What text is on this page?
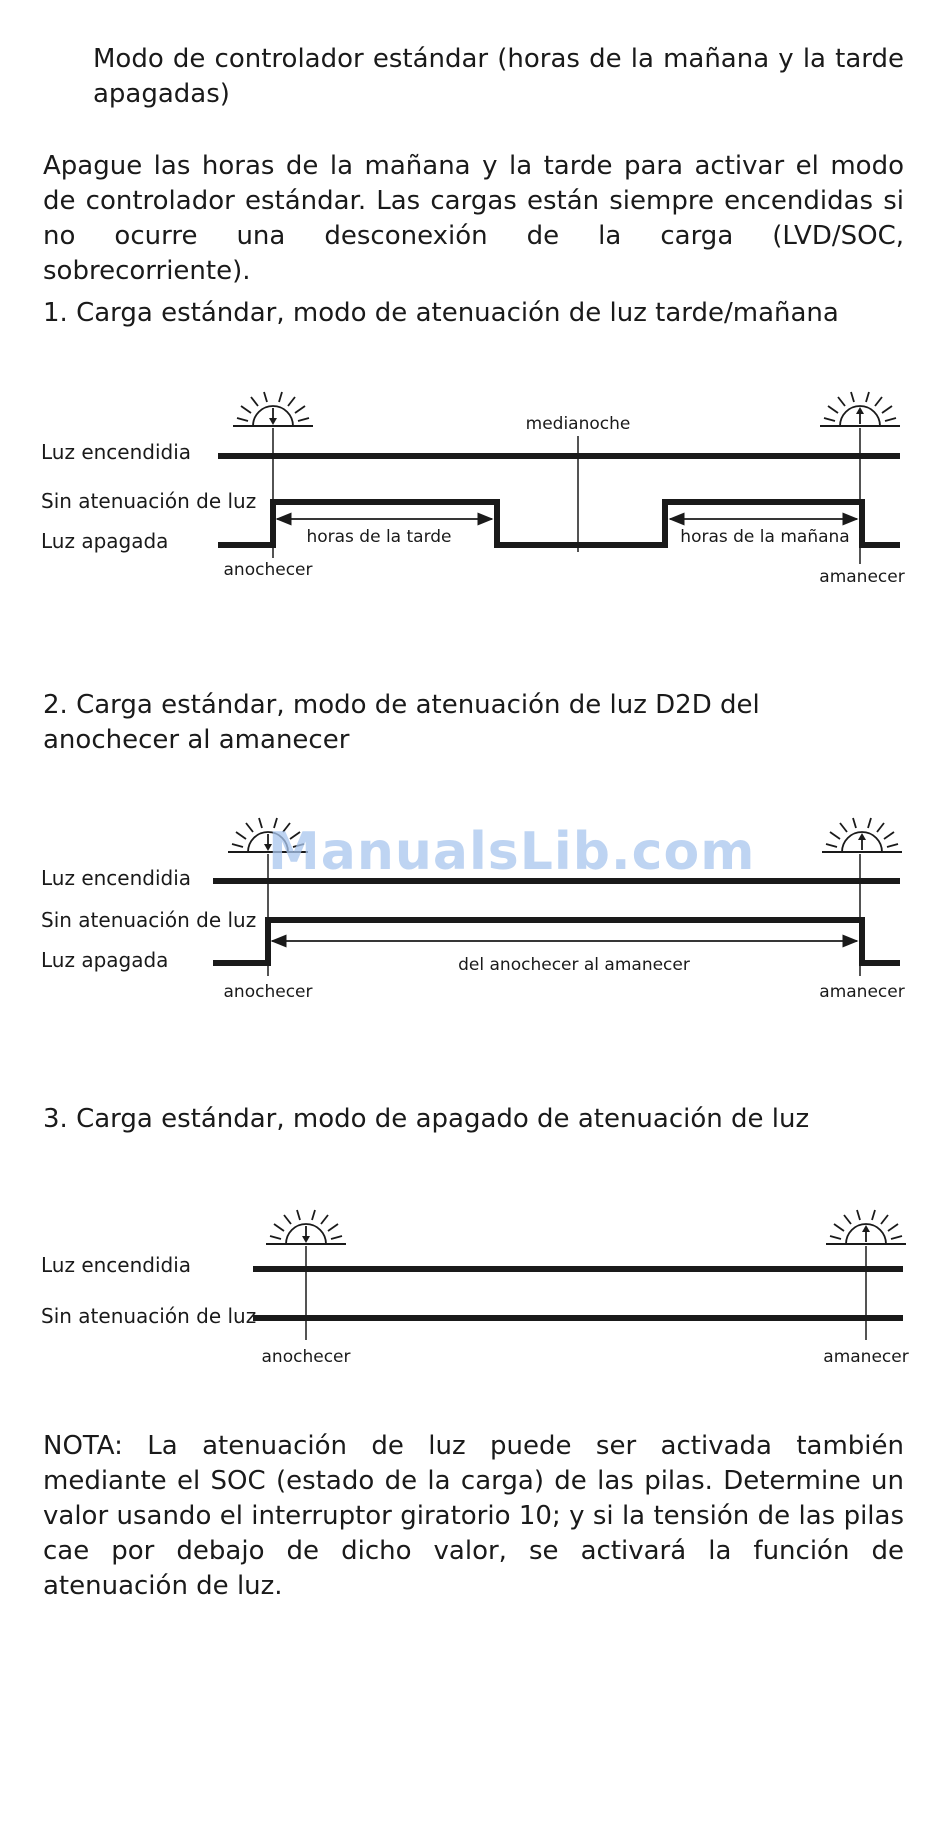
Modo de controlador estándar (horas de la mañana y la tarde apagadas)

Apague las horas de la mañana y la tarde para activar el modo de controlador estándar. Las cargas están siempre encendidas si no ocurre una desconexión de la carga (LVD/SOC, sobrecorriente).

1. Carga estándar, modo de atenuación de luz tarde/mañana

medianoche
Luz encendidia
Sin atenuación de luz
Luz apagada	horas de la tarde	horas de la mañana
anochecer	amanecer

2. Carga estándar, modo de atenuación de luz D2D del anochecer al amanecer

Luz encendidia
Sin atenuación de luz
Luz apagada	del anochecer al amanecer
anochecer	amanecer

3. Carga estándar, modo de apagado de atenuación de luz

Luz encendidia
Sin atenuación de luz
anochecer	amanecer

NOTA: La atenuación de luz puede ser activada también mediante el SOC (estado de la carga) de las pilas. Determine un valor usando el interruptor giratorio 10; y si la tensión de las pilas cae por debajo de dicho valor, se activará la función de atenuación de luz.

ManualsLib.com
